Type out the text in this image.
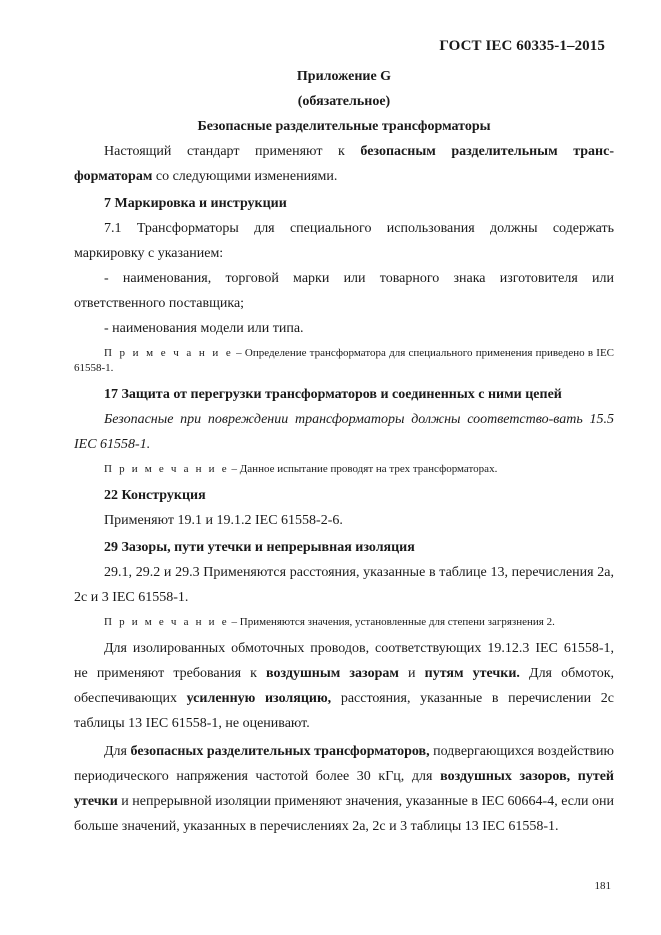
ГОСТ IEC 60335-1–2015
Приложение G
(обязательное)
Безопасные разделительные трансформаторы

Настоящий стандарт применяют к безопасным разделительным транс-форматорам со следующими изменениями.

7 Маркировка и инструкции

7.1 Трансформаторы для специального использования должны содержать маркировку с указанием:

- наименования, торговой марки или товарного знака изготовителя или ответственного поставщика;

- наименования модели или типа.

П р и м е ч а н и е – Определение трансформатора для специального применения приведено в IEC 61558-1.

17 Защита от перегрузки трансформаторов и соединенных с ними цепей

Безопасные при повреждении трансформаторы должны соответство-вать 15.5 IEC 61558-1.

П р и м е ч а н и е – Данное испытание проводят на трех трансформаторах.

22 Конструкция

Применяют 19.1 и 19.1.2 IEC 61558-2-6.

29 Зазоры, пути утечки и непрерывная изоляция

29.1, 29.2 и 29.3 Применяются расстояния, указанные в таблице 13, перечисления 2a, 2c и 3 IEC 61558-1.

П р и м е ч а н и е – Применяются значения, установленные для степени загрязнения 2.

Для изолированных обмоточных проводов, соответствующих 19.12.3 IEC 61558-1, не применяют требования к воздушным зазорам и путям утечки. Для обмоток, обеспечивающих усиленную изоляцию, расстояния, указанные в перечислении 2c таблицы 13 IEC 61558-1, не оценивают.

Для безопасных разделительных трансформаторов, подвергающихся воздействию периодического напряжения частотой более 30 кГц, для воздушных зазоров, путей утечки и непрерывной изоляции применяют значения, указанные в IEC 60664-4, если они больше значений, указанных в перечислениях 2a, 2c и 3 таблицы 13 IEC 61558-1.

181
